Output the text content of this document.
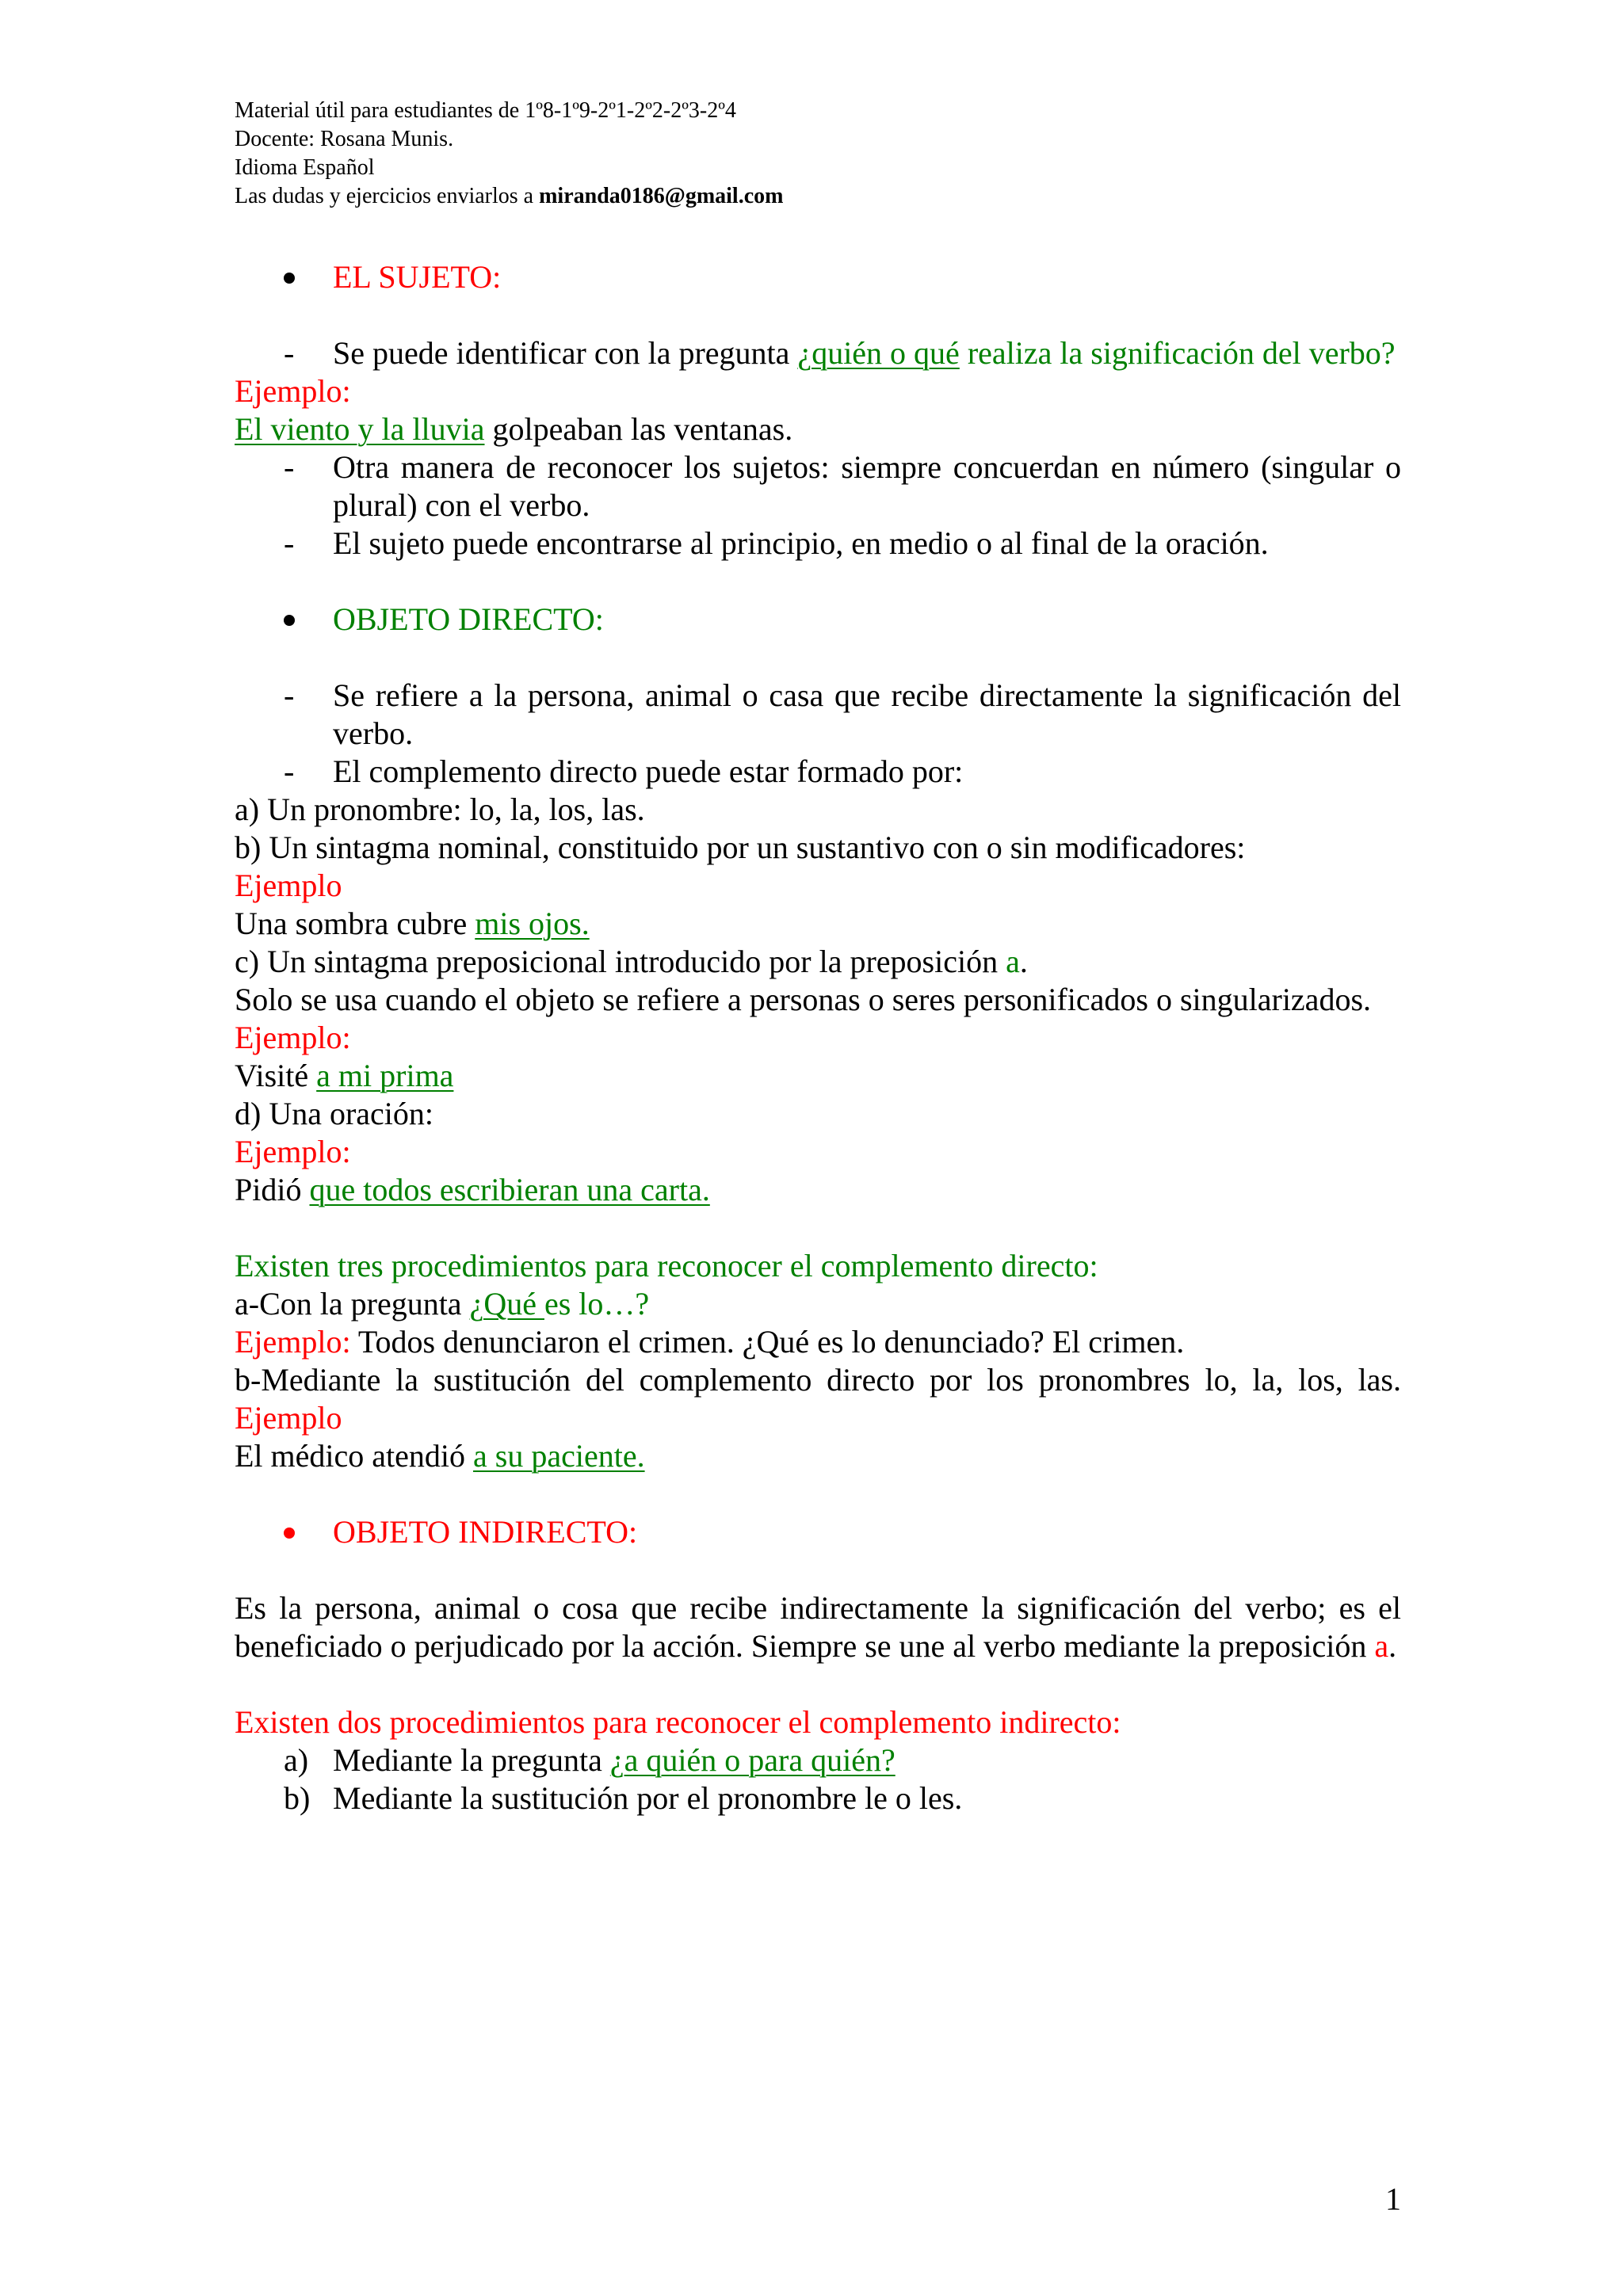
Material útil para estudiantes de 1º8-1º9-2º1-2º2-2º3-2º4
Docente: Rosana Munis.
Idioma Español
Las dudas y ejercicios enviarlos a miranda0186@gmail.com
EL SUJETO:
- Se puede identificar con la pregunta ¿quién o qué realiza la significación del verbo?
Ejemplo:
El viento y la lluvia golpeaban las ventanas.
- Otra manera de reconocer los sujetos: siempre concuerdan en número (singular o plural) con el verbo.
- El sujeto puede encontrarse al principio, en medio o al final de la oración.
OBJETO DIRECTO:
- Se refiere a la persona, animal o casa que recibe directamente la significación del verbo.
- El complemento directo puede estar formado por:
a) Un pronombre: lo, la, los, las.
b) Un sintagma nominal, constituido por un sustantivo con o sin modificadores:
Ejemplo
Una sombra cubre mis ojos.
c) Un sintagma preposicional introducido por la preposición a.
Solo se usa cuando el objeto se refiere a personas o seres personificados o singularizados.
Ejemplo:
Visité a mi prima
d) Una oración:
Ejemplo:
Pidió que todos escribieran una carta.
Existen tres procedimientos para reconocer el complemento directo:
a-Con la pregunta ¿Qué es lo…?
Ejemplo: Todos denunciaron el crimen. ¿Qué es lo denunciado? El crimen.
b-Mediante la sustitución del complemento directo por los pronombres lo, la, los, las. Ejemplo
El médico atendió a su paciente.
OBJETO INDIRECTO:
Es la persona, animal o cosa que recibe indirectamente la significación del verbo; es el beneficiado o perjudicado por la acción. Siempre se une al verbo mediante la preposición a.
Existen dos procedimientos para reconocer el complemento indirecto:
a) Mediante la pregunta ¿a quién o para quién?
b) Mediante la sustitución por el pronombre le o les.
1
